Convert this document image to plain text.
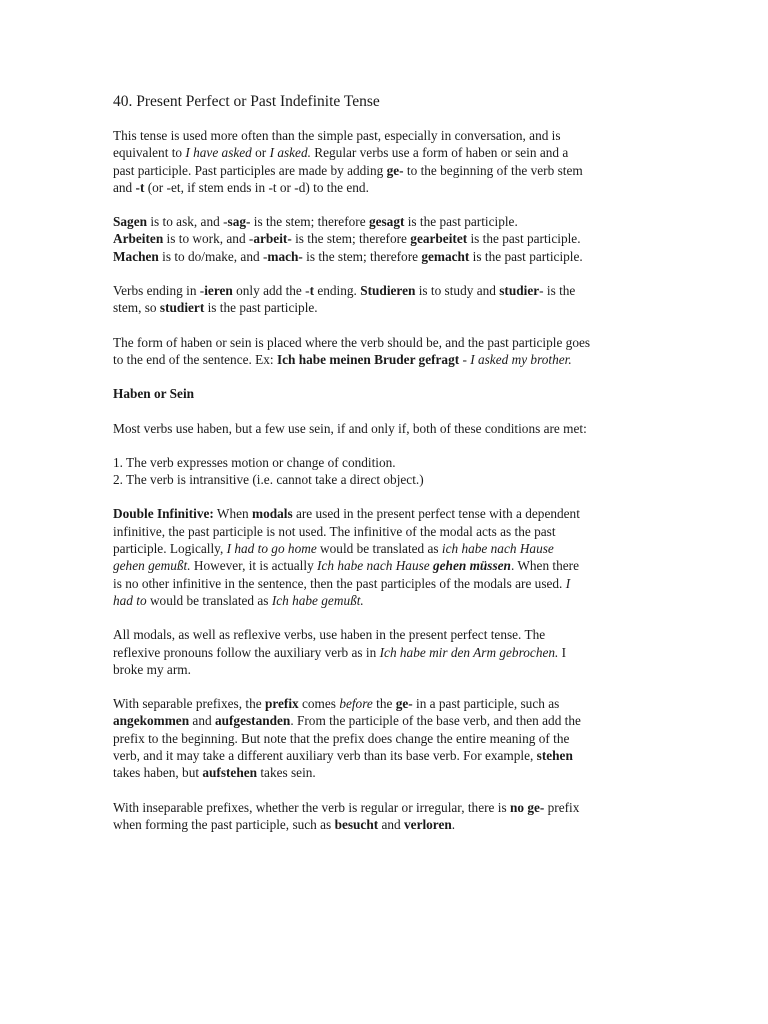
40. Present Perfect or Past Indefinite Tense
This tense is used more often than the simple past, especially in conversation, and is
equivalent to I have asked or I asked. Regular verbs use a form of haben or sein and a
past participle. Past participles are made by adding ge- to the beginning of the verb stem
and -t (or -et, if stem ends in -t or -d) to the end.
Sagen is to ask, and -sag- is the stem; therefore gesagt is the past participle.
Arbeiten is to work, and -arbeit- is the stem; therefore gearbeitet is the past participle.
Machen is to do/make, and -mach- is the stem; therefore gemacht is the past participle.
Verbs ending in -ieren only add the -t ending. Studieren is to study and studier- is the
stem, so studiert is the past participle.
The form of haben or sein is placed where the verb should be, and the past participle goes
to the end of the sentence. Ex: Ich habe meinen Bruder gefragt - I asked my brother.
Haben or Sein
Most verbs use haben, but a few use sein, if and only if, both of these conditions are met:
1. The verb expresses motion or change of condition.
2. The verb is intransitive (i.e. cannot take a direct object.)
Double Infinitive: When modals are used in the present perfect tense with a dependent
infinitive, the past participle is not used. The infinitive of the modal acts as the past
participle. Logically, I had to go home would be translated as ich habe nach Hause
gehen gemußt. However, it is actually Ich habe nach Hause gehen müssen. When there
is no other infinitive in the sentence, then the past participles of the modals are used. I
had to would be translated as Ich habe gemußt.
All modals, as well as reflexive verbs, use haben in the present perfect tense. The
reflexive pronouns follow the auxiliary verb as in Ich habe mir den Arm gebrochen. I
broke my arm.
With separable prefixes, the prefix comes before the ge- in a past participle, such as
angekommen and aufgestanden. From the participle of the base verb, and then add the
prefix to the beginning. But note that the prefix does change the entire meaning of the
verb, and it may take a different auxiliary verb than its base verb. For example, stehen
takes haben, but aufstehen takes sein.
With inseparable prefixes, whether the verb is regular or irregular, there is no ge- prefix
when forming the past participle, such as besucht and verloren.
